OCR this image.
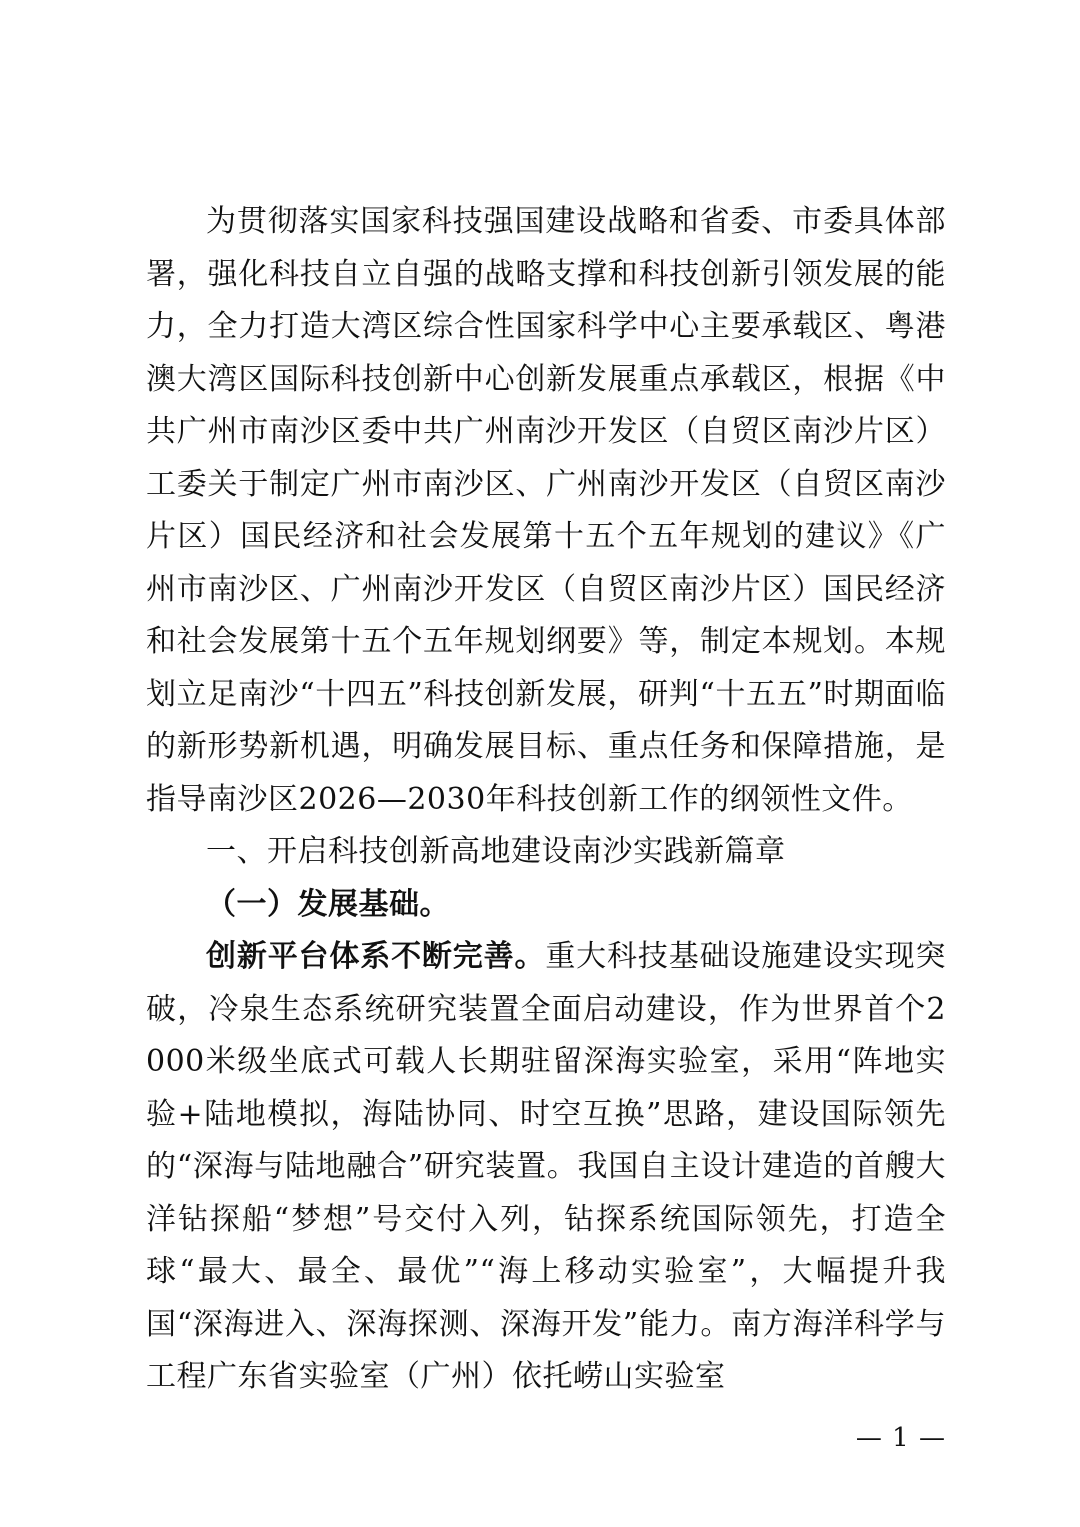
为贯彻落实国家科技强国建设战略和省委、市委具体部署，强化科技自立自强的战略支撑和科技创新引领发展的能力，全力打造大湾区综合性国家科学中心主要承载区、粤港澳大湾区国际科技创新中心创新发展重点承载区，根据《中共广州市南沙区委中共广州南沙开发区（自贸区南沙片区）工委关于制定广州市南沙区、广州南沙开发区（自贸区南沙片区）国民经济和社会发展第十五个五年规划的建议》《广州市南沙区、广州南沙开发区（自贸区南沙片区）国民经济和社会发展第十五个五年规划纲要》等，制定本规划。本规划立足南沙“十四五”科技创新发展，研判“十五五”时期面临的新形势新机遇，明确发展目标、重点任务和保障措施，是指导南沙区2026—2030年科技创新工作的纲领性文件。

一、开启科技创新高地建设南沙实践新篇章
（一）发展基础。

创新平台体系不断完善。重大科技基础设施建设实现突破，冷泉生态系统研究装置全面启动建设，作为世界首个2000米级坐底式可载人长期驻留深海实验室，采用“阵地实验+陆地模拟，海陆协同、时空互换”思路，建设国际领先的“深海与陆地融合”研究装置。我国自主设计建造的首艘大洋钻探船“梦想”号交付入列，钻探系统国际领先，打造全球“最大、最全、最优”“海上移动实验室”，大幅提升我国“深海进入、深海探测、深海开发”能力。南方海洋科学与工程广东省实验室（广州）依托崂山实验室

— 1 —
